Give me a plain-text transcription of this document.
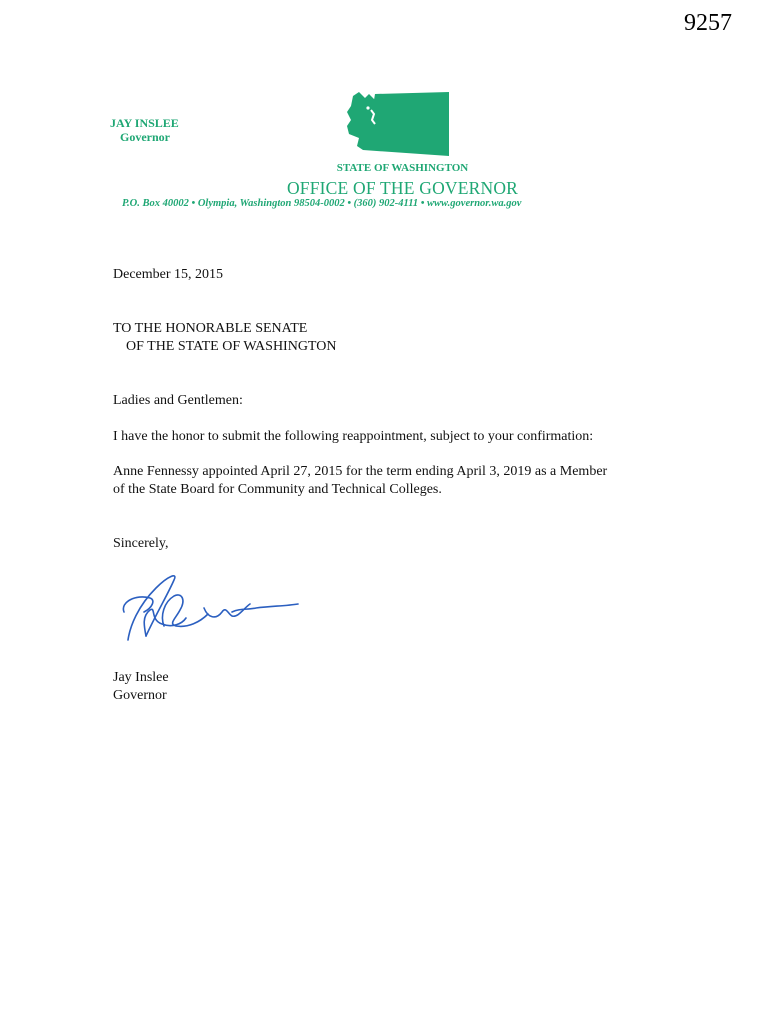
9257
JAY INSLEE
Governor
STATE OF WASHINGTON
OFFICE OF THE GOVERNOR
P.O. Box 40002 • Olympia, Washington 98504-0002 • (360) 902-4111 • www.governor.wa.gov
December 15, 2015
TO THE HONORABLE SENATE
OF THE STATE OF WASHINGTON
Ladies and Gentlemen:
I have the honor to submit the following reappointment, subject to your confirmation:
Anne Fennessy appointed April 27, 2015 for the term ending April 3, 2019 as a Member
of the State Board for Community and Technical Colleges.
Sincerely,
Jay Inslee
Governor
